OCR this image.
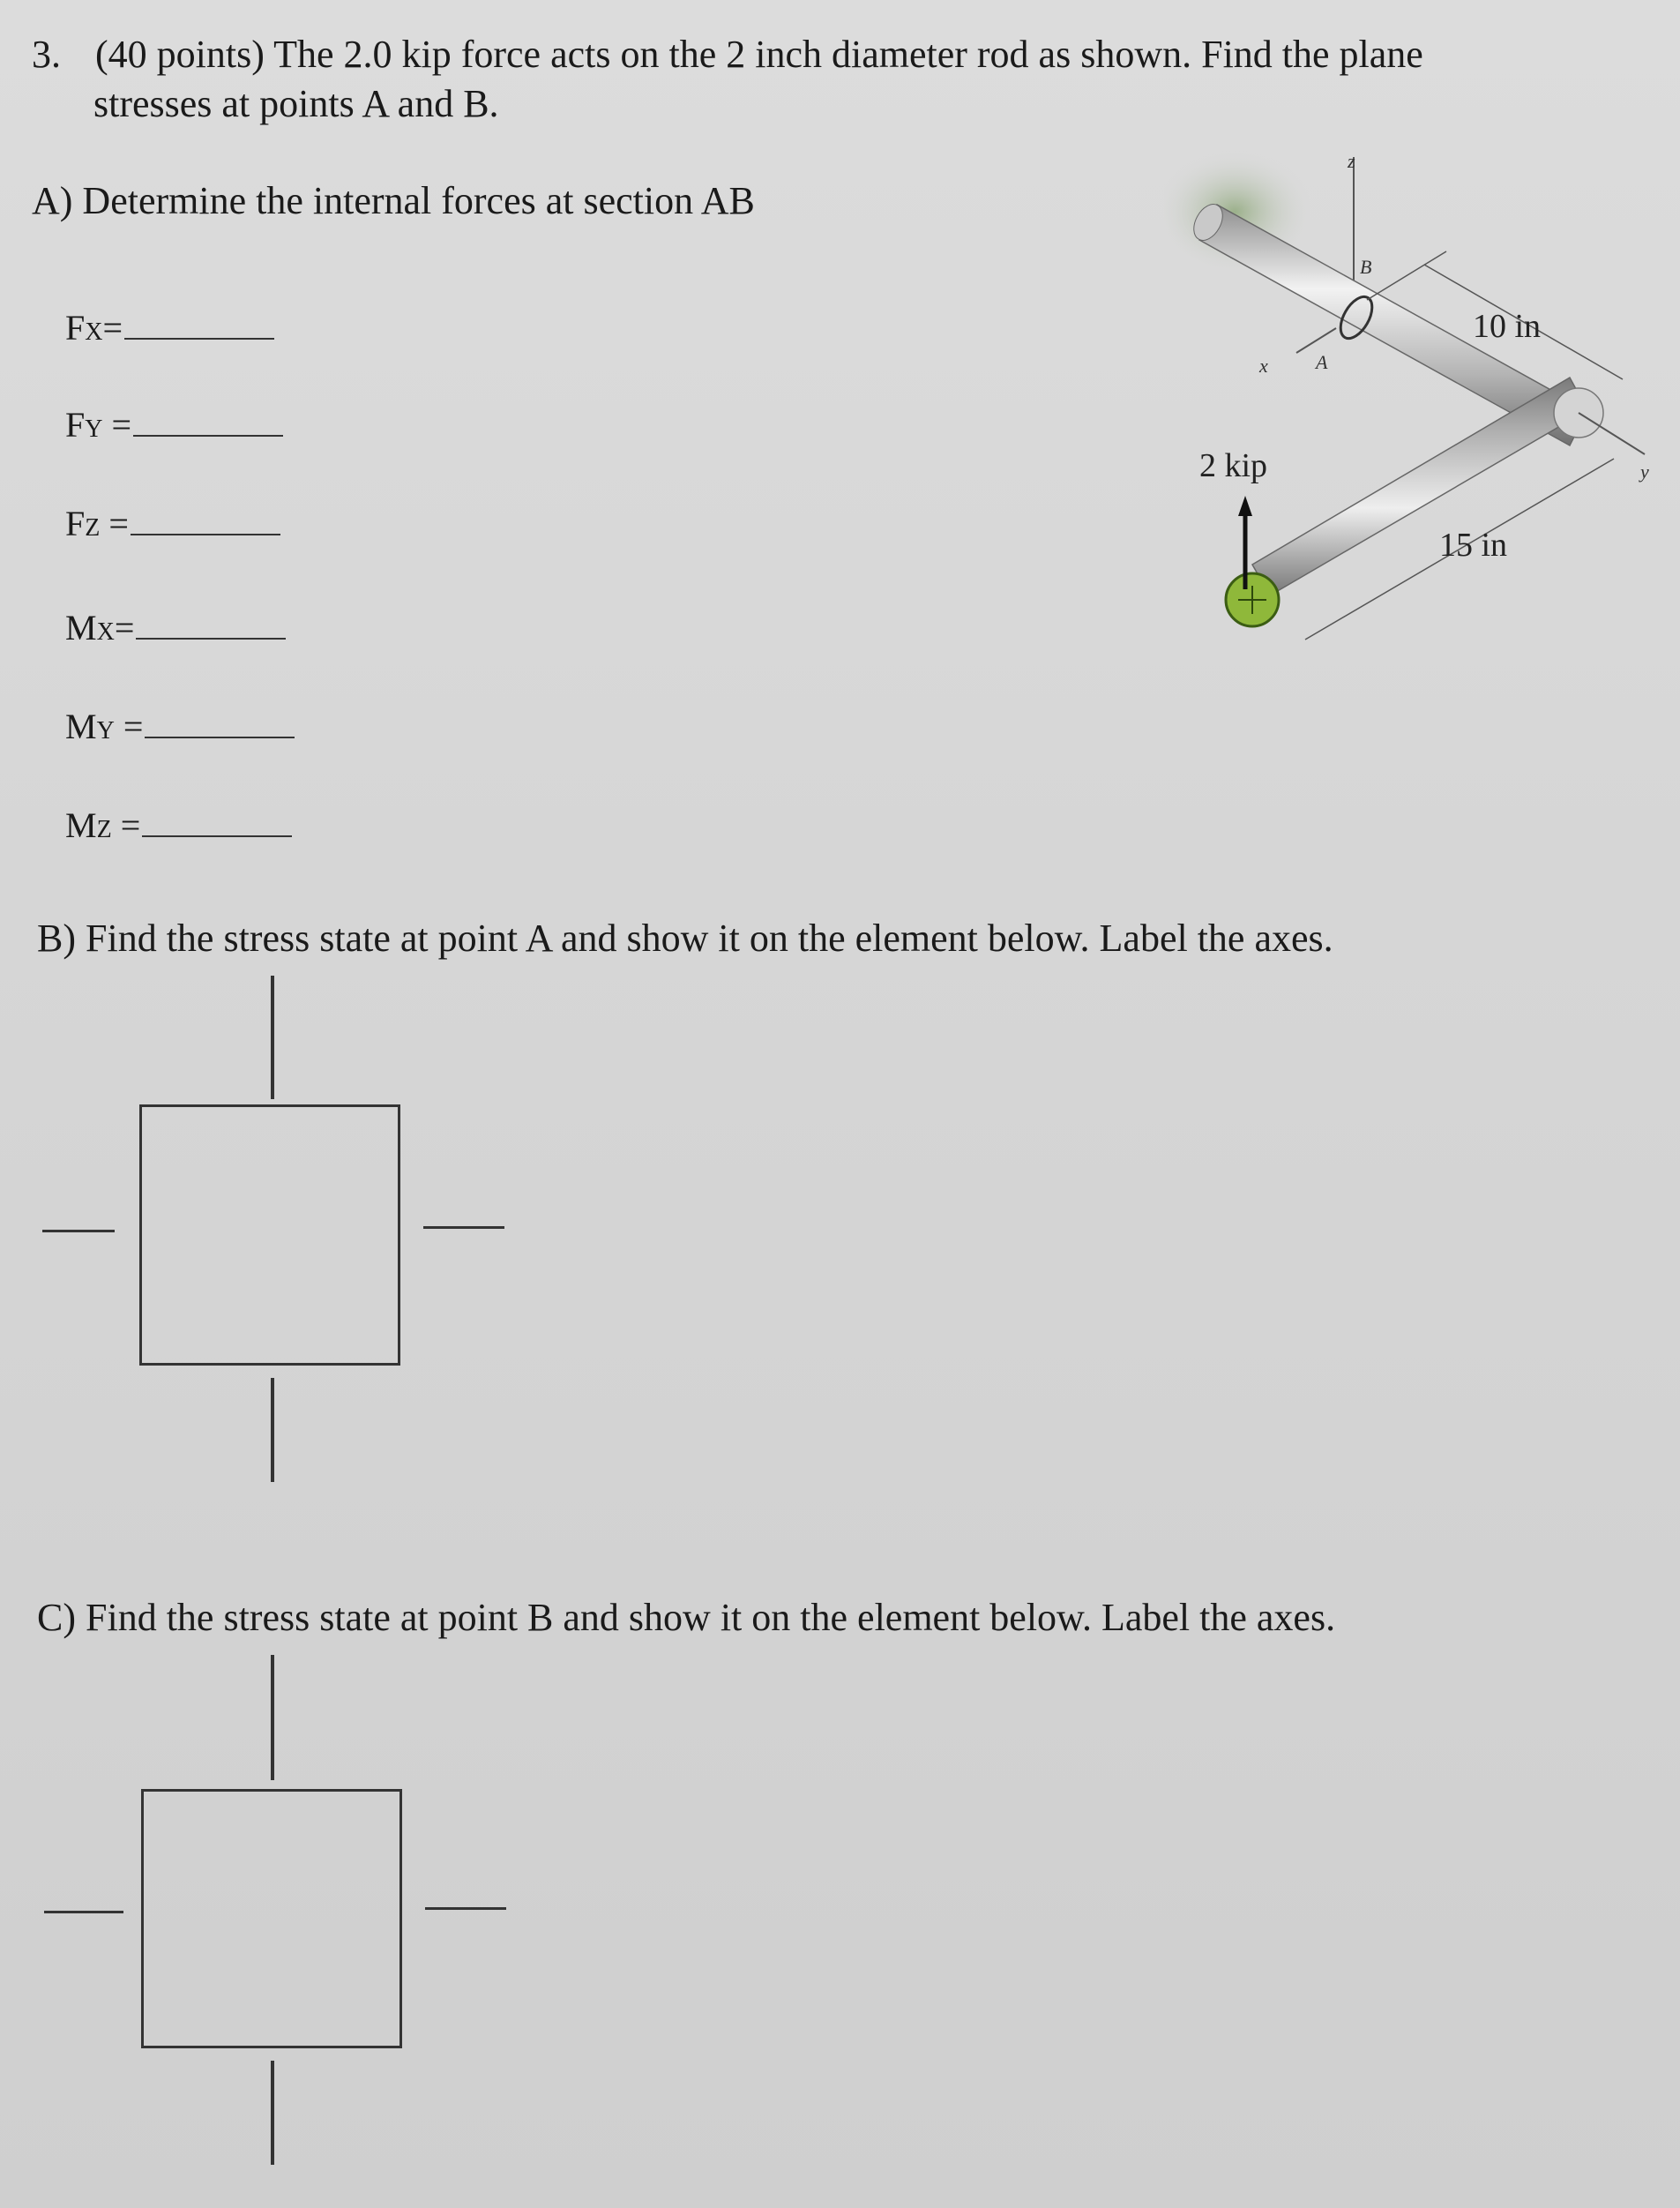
3. (40 points) The 2.0 kip force acts on the 2 inch diameter rod as shown. Find the plane
stresses at points A and B.
A) Determine the internal forces at section AB
FX=
FY =
FZ =
MX=
MY =
MZ =
z
B
A
x
y
10 in
15 in
2 kip
B) Find the stress state at point A and show it on the element below. Label the axes.
C) Find the stress state at point B and show it on the element below. Label the axes.
